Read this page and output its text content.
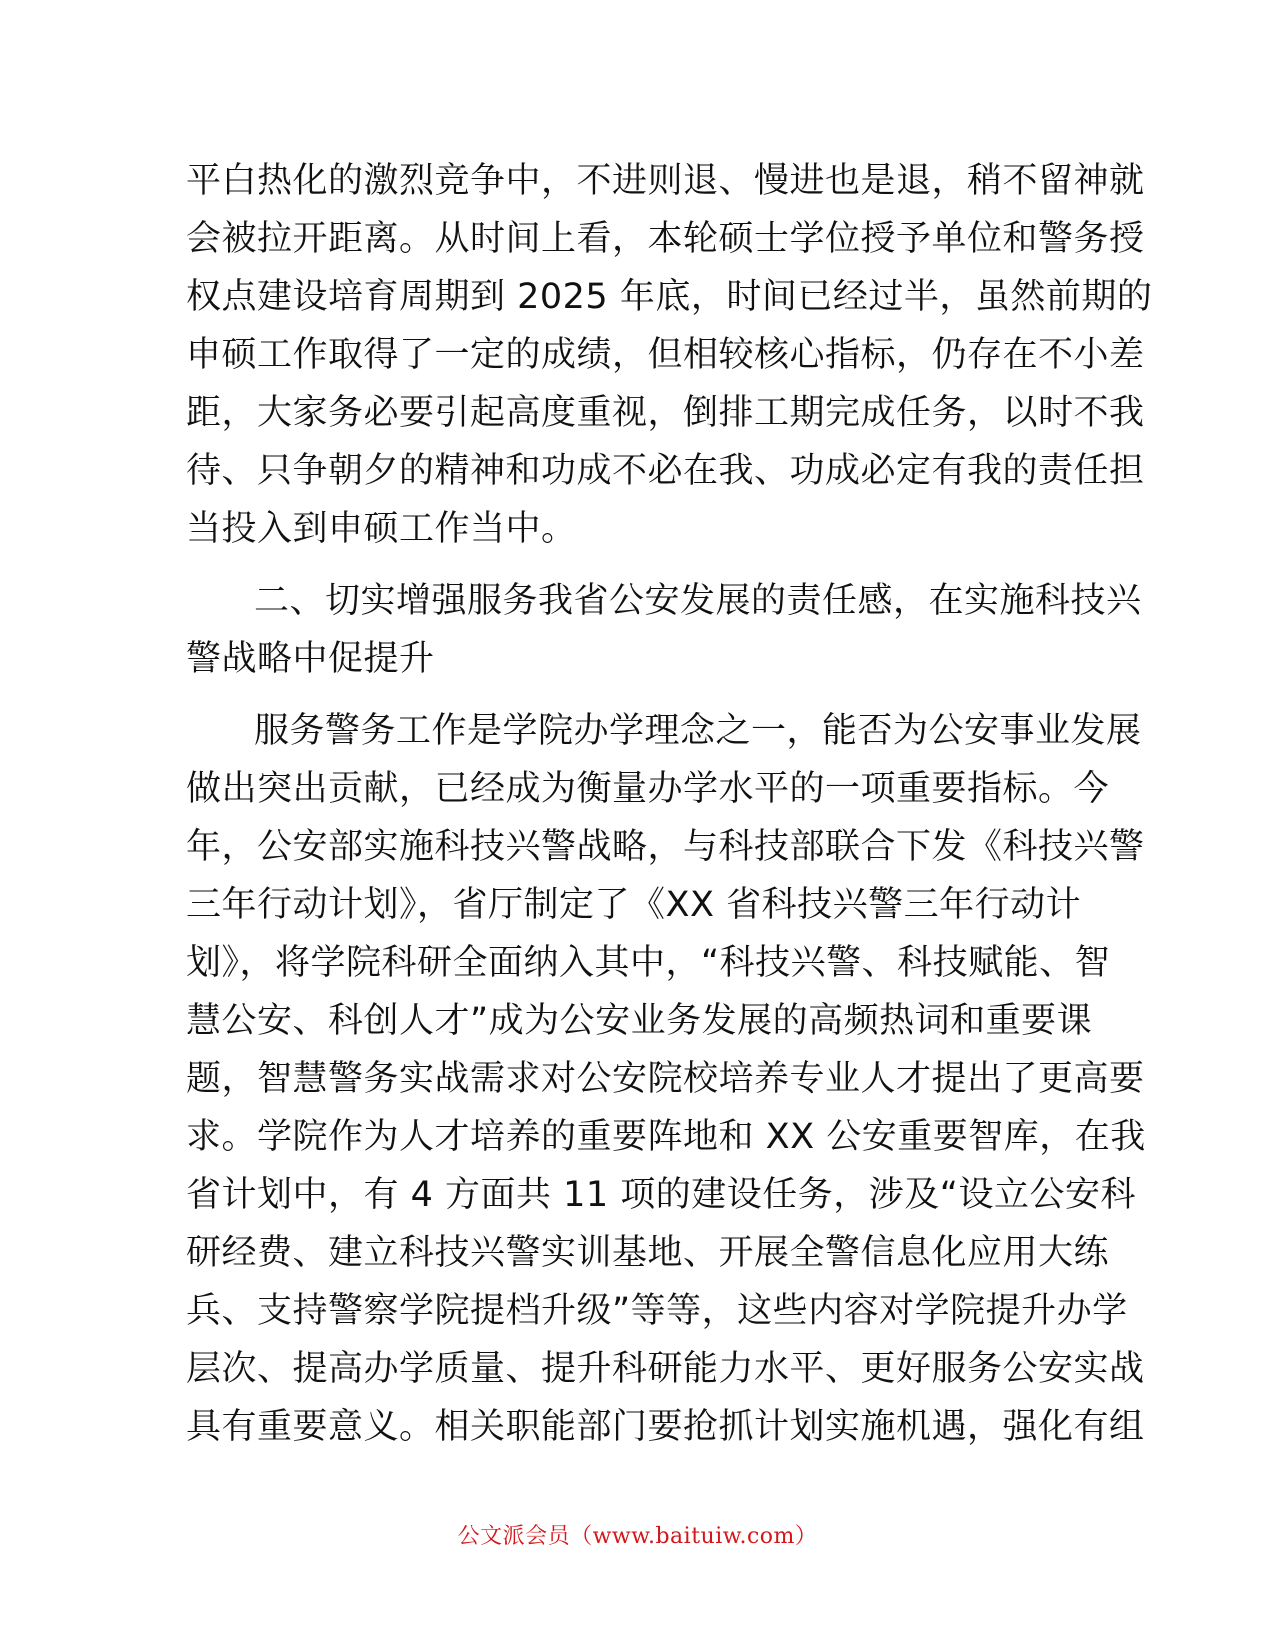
平白热化的激烈竞争中，不进则退、慢进也是退，稍不留神就
会被拉开距离。从时间上看，本轮硕士学位授予单位和警务授
权点建设培育周期到 2025 年底，时间已经过半，虽然前期的
申硕工作取得了一定的成绩，但相较核心指标，仍存在不小差
距，大家务必要引起高度重视，倒排工期完成任务，以时不我
待、只争朝夕的精神和功成不必在我、功成必定有我的责任担
当投入到申硕工作当中。
二、切实增强服务我省公安发展的责任感，在实施科技兴
警战略中促提升
服务警务工作是学院办学理念之一，能否为公安事业发展
做出突出贡献，已经成为衡量办学水平的一项重要指标。今
年，公安部实施科技兴警战略，与科技部联合下发《科技兴警
三年行动计划》，省厅制定了《XX 省科技兴警三年行动计
划》，将学院科研全面纳入其中，“科技兴警、科技赋能、智
慧公安、科创人才”成为公安业务发展的高频热词和重要课
题，智慧警务实战需求对公安院校培养专业人才提出了更高要
求。学院作为人才培养的重要阵地和 XX 公安重要智库，在我
省计划中，有 4 方面共 11 项的建设任务，涉及“设立公安科
研经费、建立科技兴警实训基地、开展全警信息化应用大练
兵、支持警察学院提档升级”等等，这些内容对学院提升办学
层次、提高办学质量、提升科研能力水平、更好服务公安实战
具有重要意义。相关职能部门要抢抓计划实施机遇，强化有组
公文派会员（www.baituiw.com）
